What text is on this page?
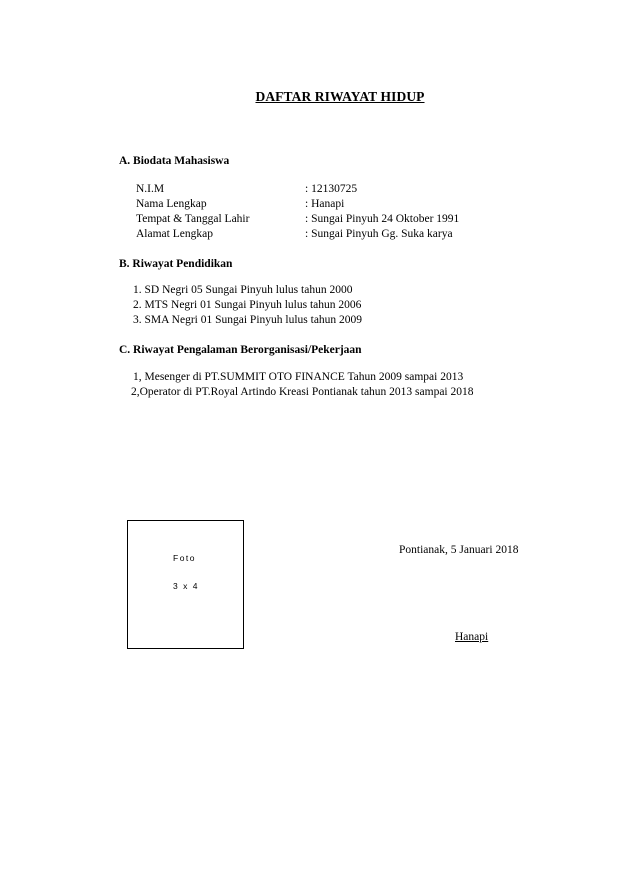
DAFTAR RIWAYAT HIDUP
A. Biodata Mahasiswa
N.I.M	: 12130725
Nama Lengkap	: Hanapi
Tempat & Tanggal Lahir	: Sungai Pinyuh 24 Oktober 1991
Alamat Lengkap	: Sungai Pinyuh Gg. Suka karya
B. Riwayat Pendidikan
1. SD Negri 05 Sungai Pinyuh lulus tahun 2000
2. MTS Negri 01 Sungai Pinyuh lulus tahun 2006
3. SMA Negri 01 Sungai Pinyuh lulus tahun 2009
C. Riwayat Pengalaman Berorganisasi/Pekerjaan
1, Mesenger di PT.SUMMIT OTO FINANCE Tahun 2009 sampai 2013
2,Operator di PT.Royal Artindo Kreasi Pontianak tahun 2013 sampai 2018
Foto
3 x 4
Pontianak, 5 Januari 2018
Hanapi
